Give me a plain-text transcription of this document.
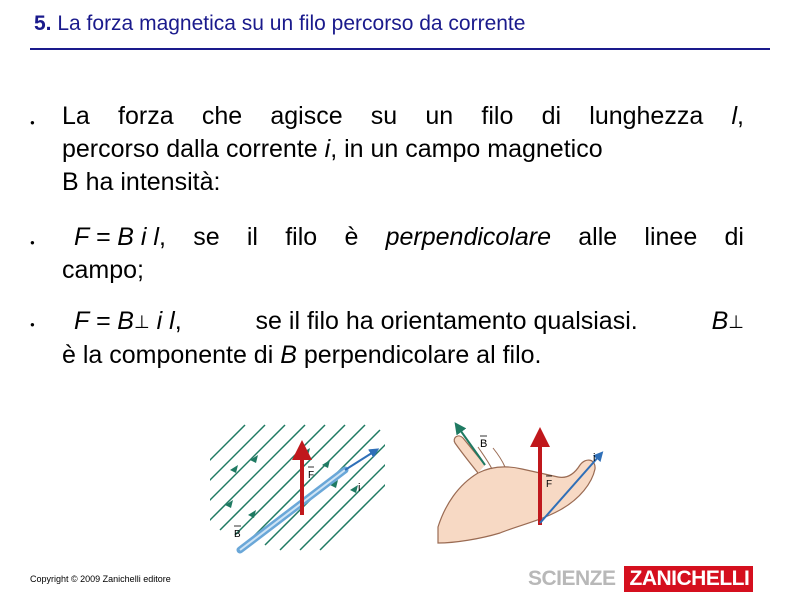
5. La forza magnetica su un filo percorso da corrente
● La forza che agisce su un filo di lunghezza l,
percorso dalla corrente i, in un campo magnetico
B ha intensità:
●	F = B i l, se il filo è perpendicolare alle linee di
campo;
●	F = B⊥ i l,	se il filo ha orientamento qualsiasi.	B⊥
è la componente di B perpendicolare al filo.
F
i
B
B
i
F
Copyright © 2009 Zanichelli editore	SCIENZE ZANICHELLI
